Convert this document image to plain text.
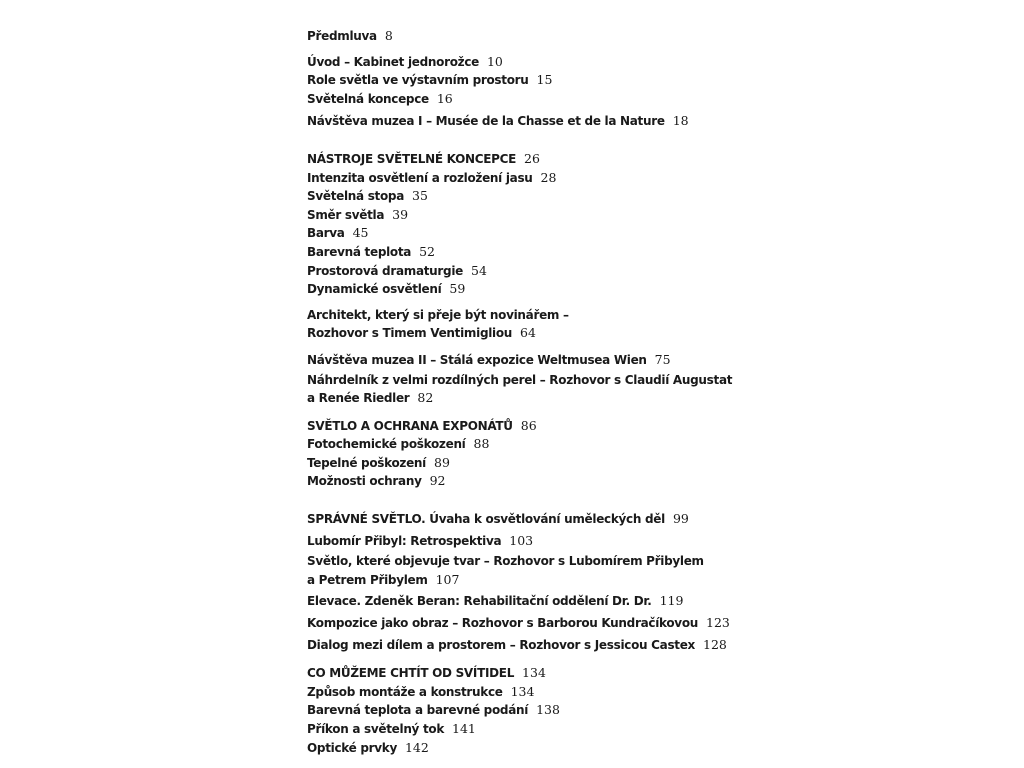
Předmluva 8
Úvod – Kabinet jednorožce 10
Role světla ve výstavním prostoru 15
Světelná koncepce 16
Návštěva muzea I – Musée de la Chasse et de la Nature 18
NÁSTROJE SVĚTELNÉ KONCEPCE 26
Intenzita osvětlení a rozložení jasu 28
Světelná stopa 35
Směr světla 39
Barva 45
Barevná teplota 52
Prostorová dramaturgie 54
Dynamické osvětlení 59
Architekt, který si přeje být novinářem –
Rozhovor s Timem Ventimigliou 64
Návštěva muzea II – Stálá expozice Weltmusea Wien 75
Náhrdelník z velmi rozdílných perel – Rozhovor s Claudií Augustat
a Renée Riedler 82
SVĚTLO A OCHRANA EXPONÁTŮ 86
Fotochemické poškození 88
Tepelné poškození 89
Možnosti ochrany 92
SPRÁVNÉ SVĚTLO. Úvaha k osvětlování uměleckých děl 99
Lubomír Přibyl: Retrospektiva 103
Světlo, které objevuje tvar – Rozhovor s Lubomírem Přibylem
a Petrem Přibylem 107
Elevace. Zdeněk Beran: Rehabilitační oddělení Dr. Dr. 119
Kompozice jako obraz – Rozhovor s Barborou Kundračíkovou 123
Dialog mezi dílem a prostorem – Rozhovor s Jessicou Castex 128
CO MŮŽEME CHTÍT OD SVÍTIDEL 134
Způsob montáže a konstrukce 134
Barevná teplota a barevné podání 138
Příkon a světelný tok 141
Optické prvky 142
